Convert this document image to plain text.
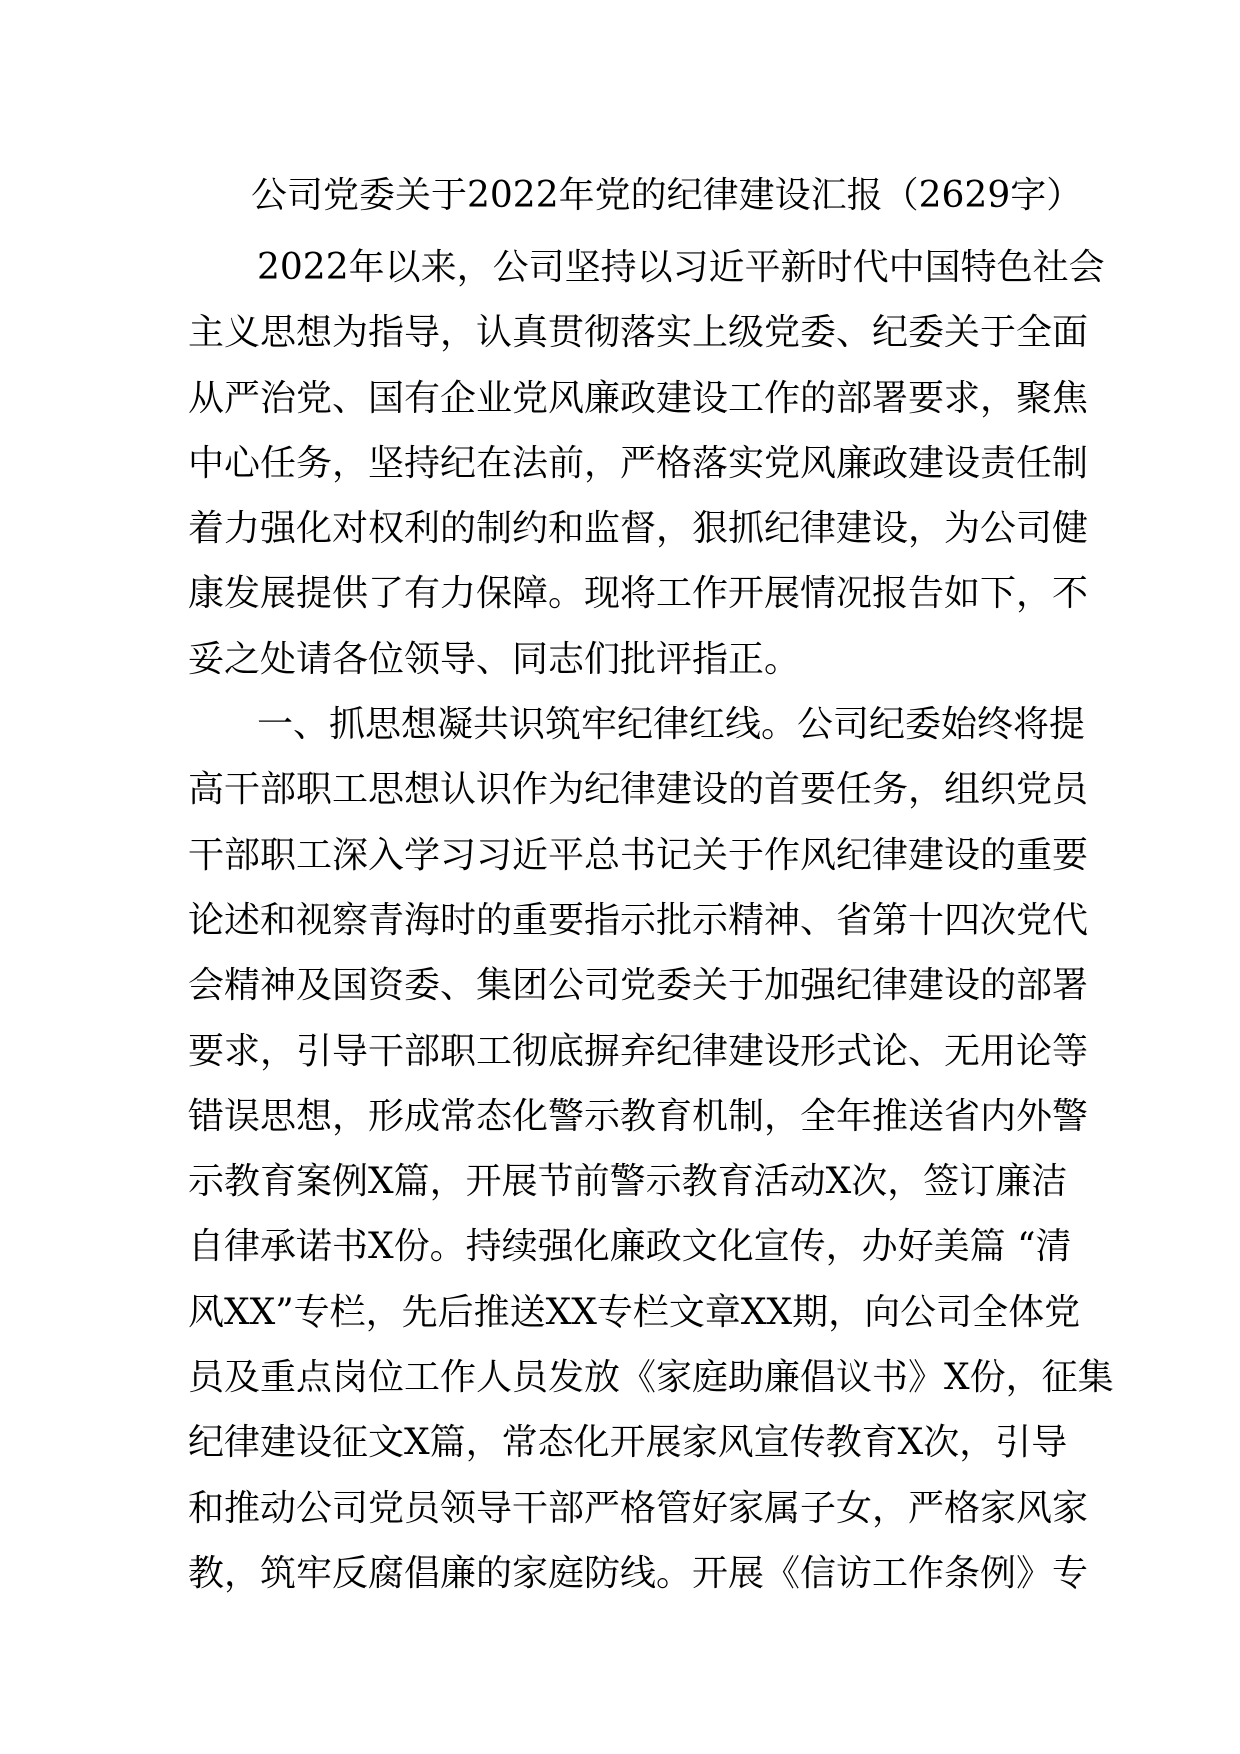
公司党委关于2022年党的纪律建设汇报（2629字）
2022年以来，公司坚持以习近平新时代中国特色社会
主义思想为指导，认真贯彻落实上级党委、纪委关于全面
从严治党、国有企业党风廉政建设工作的部署要求，聚焦
中心任务，坚持纪在法前，严格落实党风廉政建设责任制
着力强化对权利的制约和监督，狠抓纪律建设，为公司健
康发展提供了有力保障。现将工作开展情况报告如下，不
妥之处请各位领导、同志们批评指正。
一、抓思想凝共识筑牢纪律红线。公司纪委始终将提
高干部职工思想认识作为纪律建设的首要任务，组织党员
干部职工深入学习习近平总书记关于作风纪律建设的重要
论述和视察青海时的重要指示批示精神、省第十四次党代
会精神及国资委、集团公司党委关于加强纪律建设的部署
要求，引导干部职工彻底摒弃纪律建设形式论、无用论等
错误思想，形成常态化警示教育机制，全年推送省内外警
示教育案例X篇，开展节前警示教育活动X次，签订廉洁
自律承诺书X份。持续强化廉政文化宣传，办好美篇 “清
风XX”专栏，先后推送XX专栏文章XX期，向公司全体党
员及重点岗位工作人员发放《家庭助廉倡议书》X份，征集
纪律建设征文X篇，常态化开展家风宣传教育X次，引导
和推动公司党员领导干部严格管好家属子女，严格家风家
教，筑牢反腐倡廉的家庭防线。开展《信访工作条例》专
